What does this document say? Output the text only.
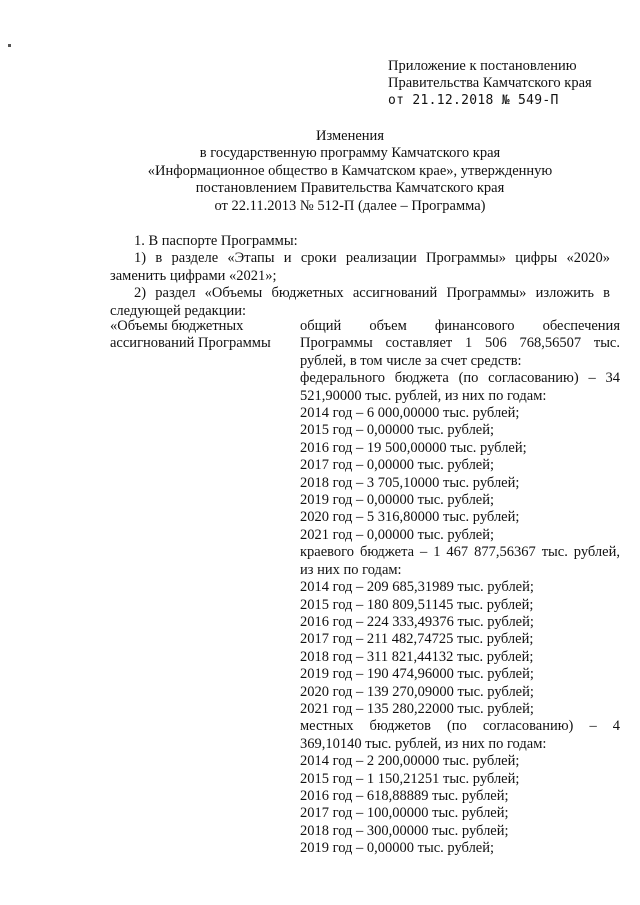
Приложение к постановлению
Правительства Камчатского края
от 21.12.2018 № 549-П
Изменения
в государственную программу Камчатского края
«Информационное общество в Камчатском крае», утвержденную
постановлением Правительства Камчатского края
от 22.11.2013 № 512-П (далее – Программа)

1. В паспорте Программы:

1) в разделе «Этапы и сроки реализации Программы» цифры «2020» заменить цифрами «2021»;

2) раздел «Объемы бюджетных ассигнований Программы» изложить в следующей редакции:

«Объемы бюджетных ассигнований Программы
общий объем финансового обеспечения Программы составляет 1 506 768,56507 тыс. рублей, в том числе за счет средств:
федерального бюджета (по согласованию) – 34 521,90000 тыс. рублей, из них по годам:
2014 год – 6 000,00000 тыс. рублей;
2015 год – 0,00000 тыс. рублей;
2016 год – 19 500,00000 тыс. рублей;
2017 год – 0,00000 тыс. рублей;
2018 год – 3 705,10000 тыс. рублей;
2019 год – 0,00000 тыс. рублей;
2020 год – 5 316,80000 тыс. рублей;
2021 год – 0,00000 тыс. рублей;
краевого бюджета – 1 467 877,56367 тыс. рублей, из них по годам:
2014 год – 209 685,31989 тыс. рублей;
2015 год – 180 809,51145 тыс. рублей;
2016 год – 224 333,49376 тыс. рублей;
2017 год – 211 482,74725 тыс. рублей;
2018 год – 311 821,44132 тыс. рублей;
2019 год – 190 474,96000 тыс. рублей;
2020 год – 139 270,09000 тыс. рублей;
2021 год – 135 280,22000 тыс. рублей;
местных бюджетов (по согласованию) – 4 369,10140 тыс. рублей, из них по годам:
2014 год – 2 200,00000 тыс. рублей;
2015 год – 1 150,21251 тыс. рублей;
2016 год – 618,88889 тыс. рублей;
2017 год – 100,00000 тыс. рублей;
2018 год – 300,00000 тыс. рублей;
2019 год – 0,00000 тыс. рублей;
